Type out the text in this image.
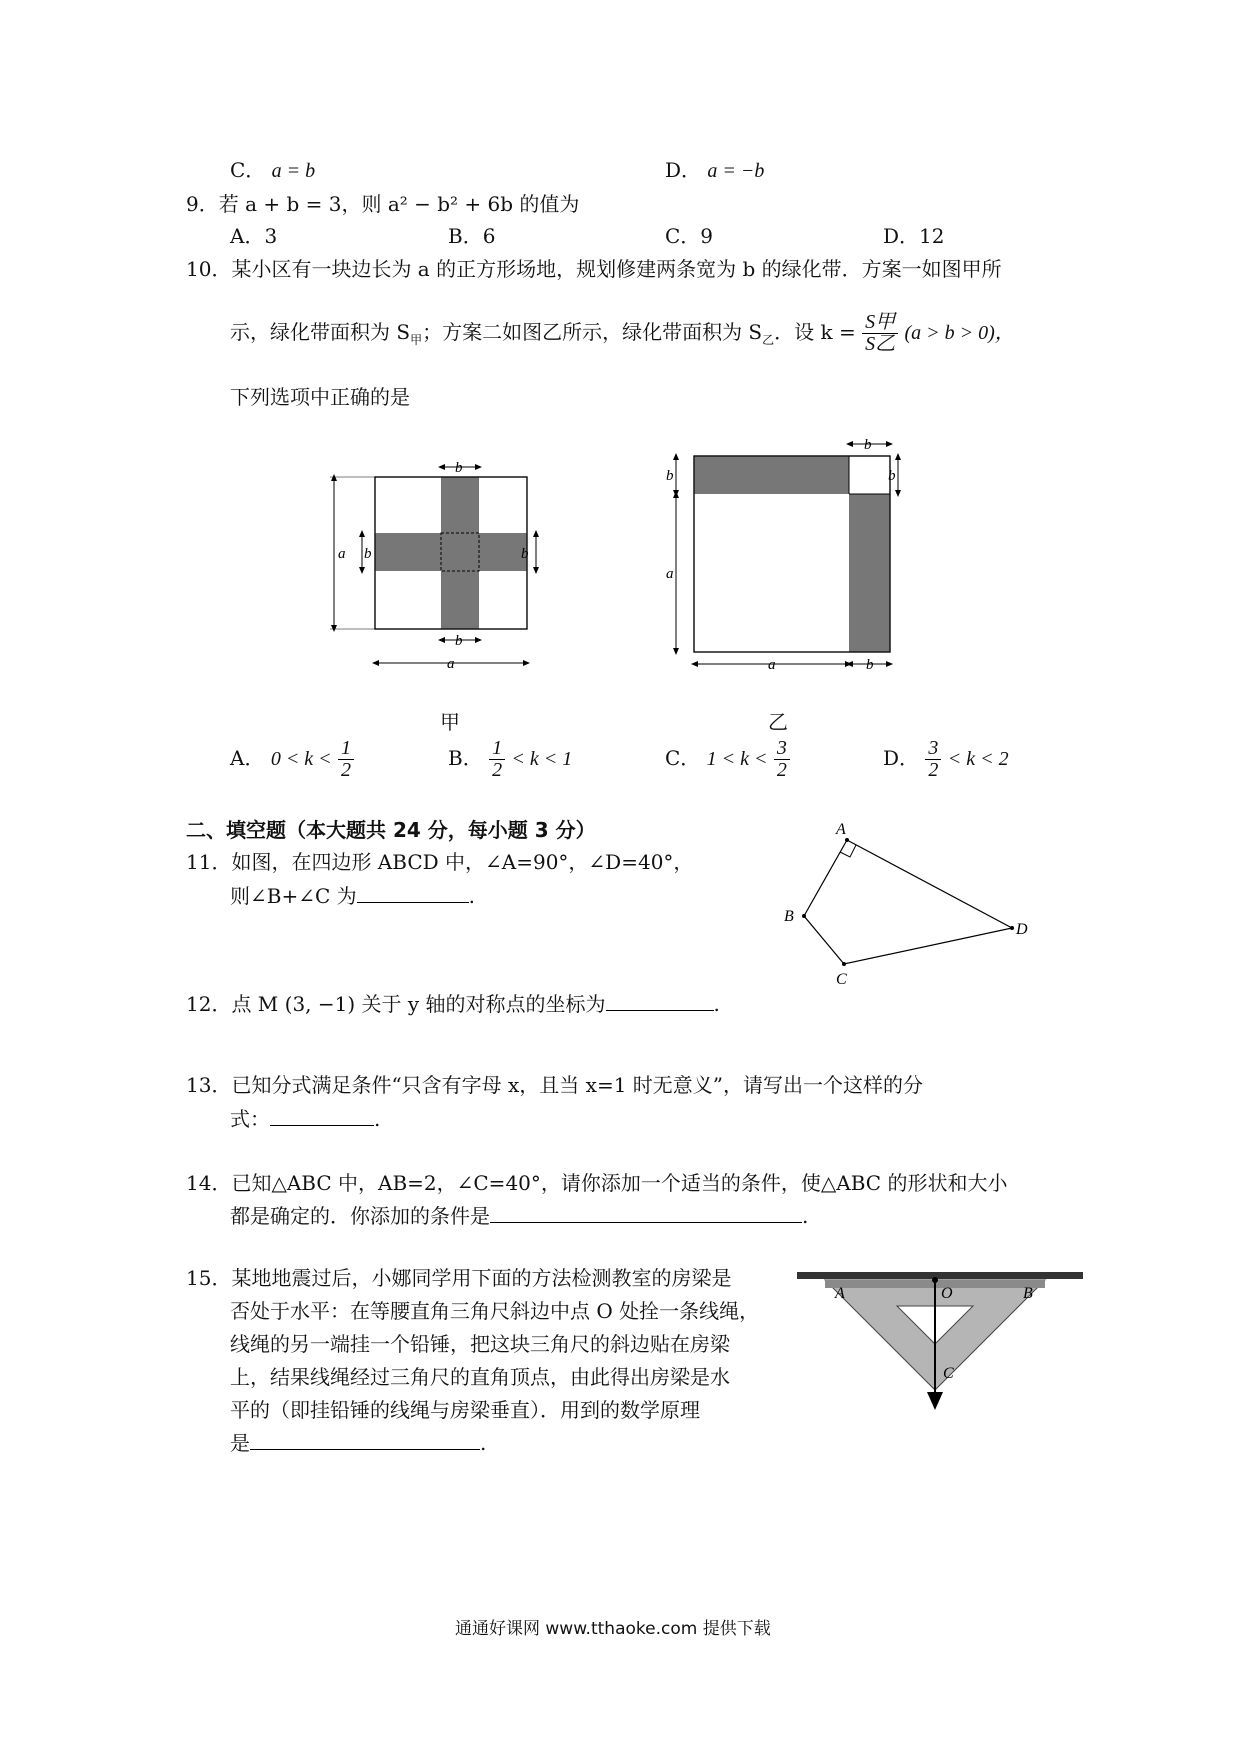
C． a = b	D． a = −b
9．若 a + b = 3，则 a² − b² + 6b 的值为
A．3	B．6	C．9	D．12
10．某小区有一块边长为 a 的正方形场地，规划修建两条宽为 b 的绿化带．方案一如图甲所
示，绿化带面积为 $S_甲$；方案二如图乙所示，绿化带面积为 $S_乙$．设 $k = \frac{\text{S甲}}{\text{S乙}} (a > b > 0)$，
下列选项中正确的是
a
b
b	b
b
a
b
b
a
b
a	b
甲	乙
A． $0 < k < \frac{1}{2}$	B． $\frac{1}{2} < k < 1$	C． $1 < k < \frac{3}{2}$	D． $\frac{3}{2} < k < 2$
二、填空题（本大题共 24 分，每小题 3 分）
11．如图，在四边形 ABCD 中，∠A=90°，∠D=40°，
则∠B+∠C 为	.
A
B
C
D
12．点 M (3, −1) 关于 y 轴的对称点的坐标为	.
13．已知分式满足条件“只含有字母 x，且当 x=1 时无意义”，请写出一个这样的分
式：	.
14．已知△ABC 中，AB=2，∠C=40°，请你添加一个适当的条件，使△ABC 的形状和大小
都是确定的．你添加的条件是	.
15．某地地震过后，小娜同学用下面的方法检测教室的房梁是
否处于水平：在等腰直角三角尺斜边中点 O 处拴一条线绳，
线绳的另一端挂一个铅锤，把这块三角尺的斜边贴在房梁
上，结果线绳经过三角尺的直角顶点，由此得出房梁是水
平的（即挂铅锤的线绳与房梁垂直）．用到的数学原理
是	.
A	O	B
C
通通好课网 www.tthaoke.com 提供下载
